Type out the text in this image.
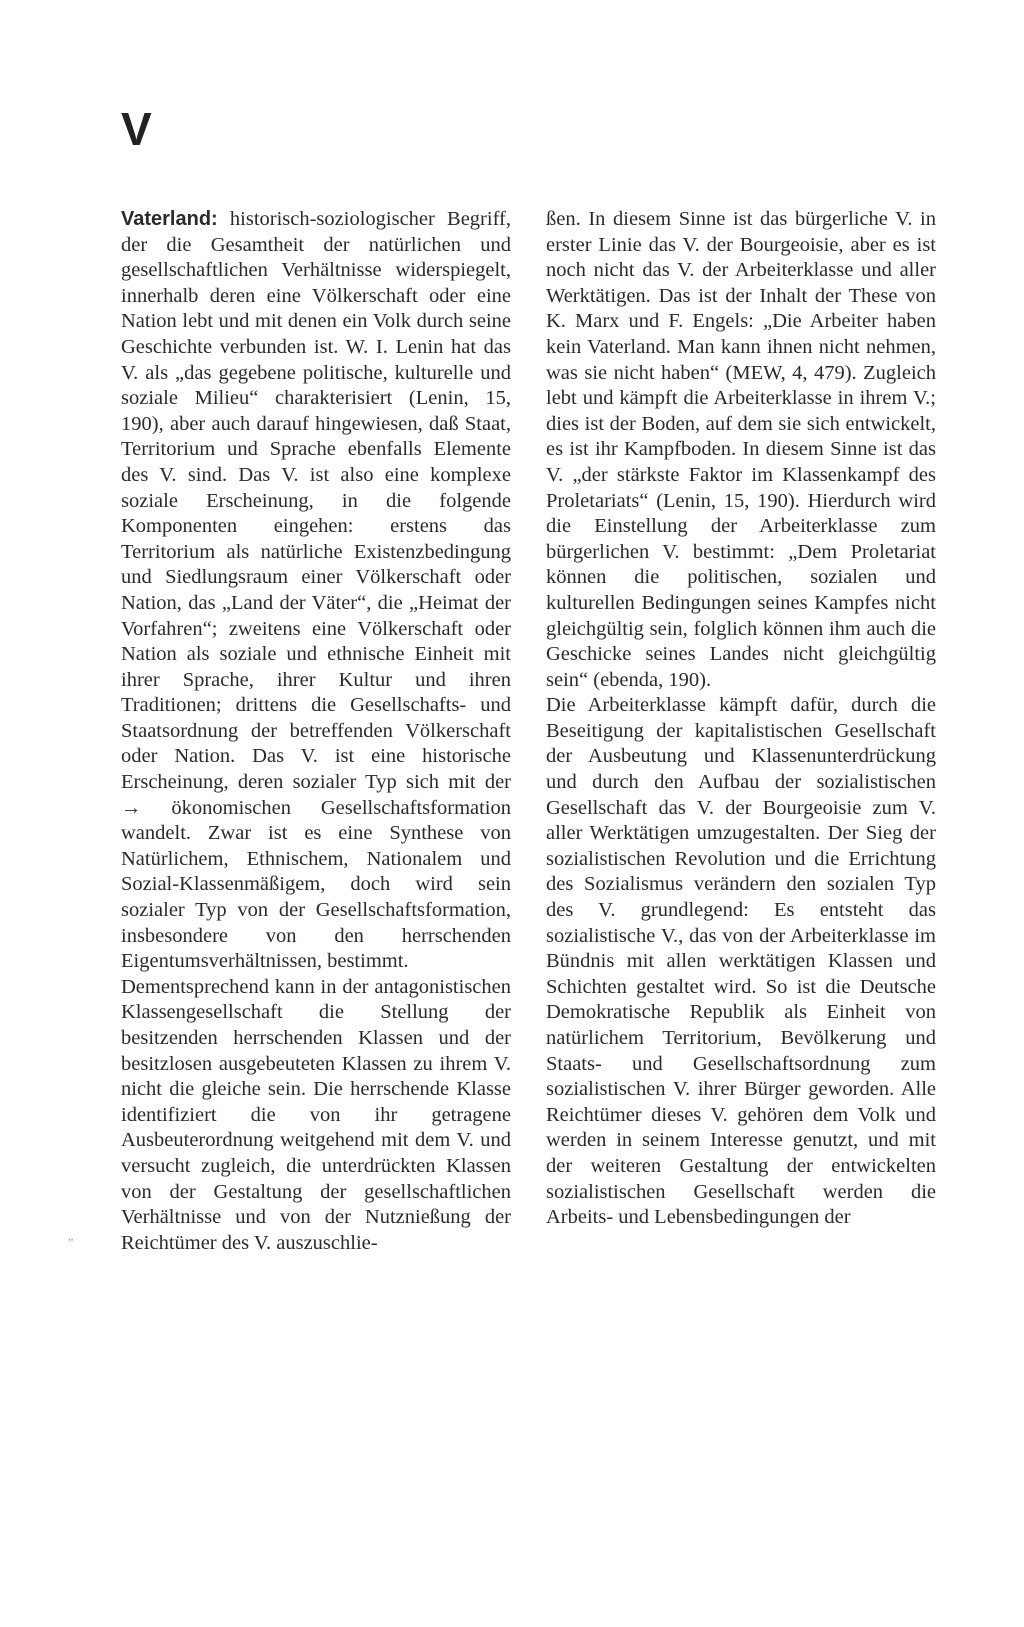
V
”

Vaterland: historisch-soziologischer Begriff, der die Gesamtheit der natürlichen und gesellschaftlichen Verhältnisse widerspiegelt, innerhalb deren eine Völkerschaft oder eine Nation lebt und mit denen ein Volk durch seine Geschichte verbunden ist. W. I. Lenin hat das V. als „das gegebene politische, kulturelle und soziale Milieu“ charakterisiert (Lenin, 15, 190), aber auch darauf hingewiesen, daß Staat, Territorium und Sprache ebenfalls Elemente des V. sind. Das V. ist also eine komplexe soziale Erscheinung, in die folgende Komponenten eingehen: erstens das Territorium als natürliche Existenzbedingung und Siedlungsraum einer Völkerschaft oder Nation, das „Land der Väter“, die „Heimat der Vorfahren“; zweitens eine Völkerschaft oder Nation als soziale und ethnische Einheit mit ihrer Sprache, ihrer Kultur und ihren Traditionen; drittens die Gesellschafts- und Staatsordnung der betreffenden Völkerschaft oder Nation. Das V. ist eine historische Erscheinung, deren sozialer Typ sich mit der → ökonomischen Gesellschaftsformation wandelt. Zwar ist es eine Synthese von Natürlichem, Ethnischem, Nationalem und Sozial-Klassenmäßigem, doch wird sein sozialer Typ von der Gesellschaftsformation, insbesondere von den herrschenden Eigentumsverhältnissen, bestimmt.

Dementsprechend kann in der antagonistischen Klassengesellschaft die Stellung der besitzenden herrschenden Klassen und der besitzlosen ausgebeuteten Klassen zu ihrem V. nicht die gleiche sein. Die herrschende Klasse identifiziert die von ihr getragene Ausbeuterordnung weitgehend mit dem V. und versucht zugleich, die unterdrückten Klassen von der Gestaltung der gesellschaftlichen Verhältnisse und von der Nutznießung der Reichtümer des V. auszuschlie-

ßen. In diesem Sinne ist das bürgerliche V. in erster Linie das V. der Bourgeoisie, aber es ist noch nicht das V. der Arbeiterklasse und aller Werktätigen. Das ist der Inhalt der These von K. Marx und F. Engels: „Die Arbeiter haben kein Vaterland. Man kann ihnen nicht nehmen, was sie nicht haben“ (MEW, 4, 479). Zugleich lebt und kämpft die Arbeiterklasse in ihrem V.; dies ist der Boden, auf dem sie sich entwickelt, es ist ihr Kampfboden. In diesem Sinne ist das V. „der stärkste Faktor im Klassenkampf des Proletariats“ (Lenin, 15, 190). Hierdurch wird die Einstellung der Arbeiterklasse zum bürgerlichen V. bestimmt: „Dem Proletariat können die politischen, sozialen und kulturellen Bedingungen seines Kampfes nicht gleichgültig sein, folglich können ihm auch die Geschicke seines Landes nicht gleichgültig sein“ (ebenda, 190).

Die Arbeiterklasse kämpft dafür, durch die Beseitigung der kapitalistischen Gesellschaft der Ausbeutung und Klassenunterdrückung und durch den Aufbau der sozialistischen Gesellschaft das V. der Bourgeoisie zum V. aller Werktätigen umzugestalten. Der Sieg der sozialistischen Revolution und die Errichtung des Sozialismus verändern den sozialen Typ des V. grundlegend: Es entsteht das sozialistische V., das von der Arbeiterklasse im Bündnis mit allen werktätigen Klassen und Schichten gestaltet wird. So ist die Deutsche Demokratische Republik als Einheit von natürlichem Territorium, Bevölkerung und Staats- und Gesellschaftsordnung zum sozialistischen V. ihrer Bürger geworden. Alle Reichtümer dieses V. gehören dem Volk und werden in seinem Interesse genutzt, und mit der weiteren Gestaltung der entwickelten sozialistischen Gesellschaft werden die Arbeits- und Lebensbedingungen der
